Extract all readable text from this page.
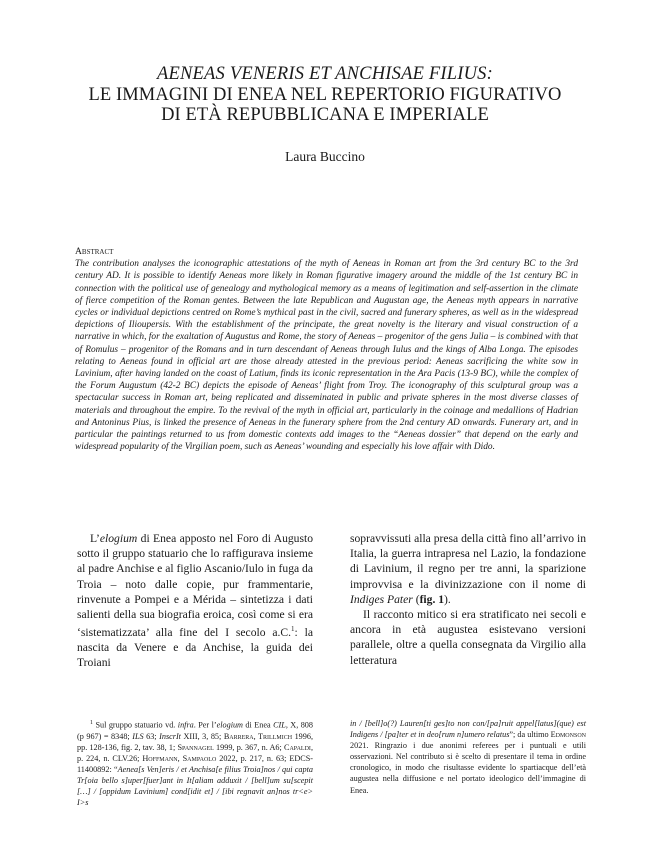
AENEAS VENERIS ET ANCHISAE FILIUS:
LE IMMAGINI DI ENEA NEL REPERTORIO FIGURATIVO
DI ETÀ REPUBBLICANA E IMPERIALE
Laura Buccino
Abstract
The contribution analyses the iconographic attestations of the myth of Aeneas in Roman art from the 3rd century BC to the 3rd century AD. It is possible to identify Aeneas more likely in Roman figurative imagery around the middle of the 1st century BC in connection with the political use of genealogy and mythological memory as a means of legitimation and self-assertion in the climate of fierce competition of the Roman gentes. Between the late Republican and Augustan age, the Aeneas myth appears in narrative cycles or individual depictions centred on Rome’s mythical past in the civil, sacred and funerary spheres, as well as in the widespread depictions of Ilioupersis. With the establishment of the principate, the great novelty is the literary and visual construction of a narrative in which, for the exaltation of Augustus and Rome, the story of Aeneas – progenitor of the gens Julia – is combined with that of Romulus – progenitor of the Romans and in turn descendant of Aeneas through Iulus and the kings of Alba Longa. The episodes relating to Aeneas found in official art are those already attested in the previous period: Aeneas sacrificing the white sow in Lavinium, after having landed on the coast of Latium, finds its iconic representation in the Ara Pacis (13-9 BC), while the complex of the Forum Augustum (42-2 BC) depicts the episode of Aeneas’ flight from Troy. The iconography of this sculptural group was a spectacular success in Roman art, being replicated and disseminated in public and private spheres in the most diverse classes of materials and throughout the empire. To the revival of the myth in official art, particularly in the coinage and medallions of Hadrian and Antoninus Pius, is linked the presence of Aeneas in the funerary sphere from the 2nd century AD onwards. Funerary art, and in particular the paintings returned to us from domestic contexts add images to the “Aeneas dossier” that depend on the early and widespread popularity of the Virgilian poem, such as Aeneas’ wounding and especially his love affair with Dido.

L’elogium di Enea apposto nel Foro di Augusto sotto il gruppo statuario che lo raffigurava insieme al padre Anchise e al figlio Ascanio/Iulo in fuga da Troia – noto dalle copie, pur frammentarie, rinvenute a Pompei e a Mérida – sintetizza i dati salienti della sua biografia eroica, così come si era ‘sistematizzata’ alla fine del I secolo a.C.$^1$: la nascita da Venere e da Anchise, la guida dei Troiani

sopravvissuti alla presa della città fino all’arrivo in Italia, la guerra intrapresa nel Lazio, la fondazione di Lavinium, il regno per tre anni, la sparizione improvvisa e la divinizzazione con il nome di Indiges Pater (fig. 1).

Il racconto mitico si era stratificato nei secoli e ancora in età augustea esistevano versioni parallele, oltre a quella consegnata da Virgilio alla letteratura

$^1$ Sul gruppo statuario vd. infra. Per l’elogium di Enea CIL, X, 808 (p 967) = 8348; ILS 63; InscrIt XIII, 3, 85; Barrera, Trillmich 1996, pp. 128-136, fig. 2, tav. 38, 1; Spannagel 1999, p. 367, n. A6; Capaldi, p. 224, n. CLV.26; Hoffmann, Sampaolo 2022, p. 217, n. 63; EDCS-11400892: “Aenea[s Ven]eris / et Anchisa[e filius Troia]nos / qui capta Tr[oia bello s]uper[fuer]ant in It[aliam adduxit / [bell]um su[scepit […] / [oppidum Lavinium] cond[idit et] / [ibi regnavit an]nos tr<e> I>s

in / [bell]o(?) Lauren[ti ges]to non con/[pa]ruit appel[latus](que) est Indigens / [pa]ter et in deo[rum n]umero relatus”; da ultimo Edmonson 2021. Ringrazio i due anonimi referees per i puntuali e utili osservazioni. Nel contributo si è scelto di presentare il tema in ordine cronologico, in modo che risultasse evidente lo spartiacque dell’età augustea nella diffusione e nel portato ideologico dell’immagine di Enea.
